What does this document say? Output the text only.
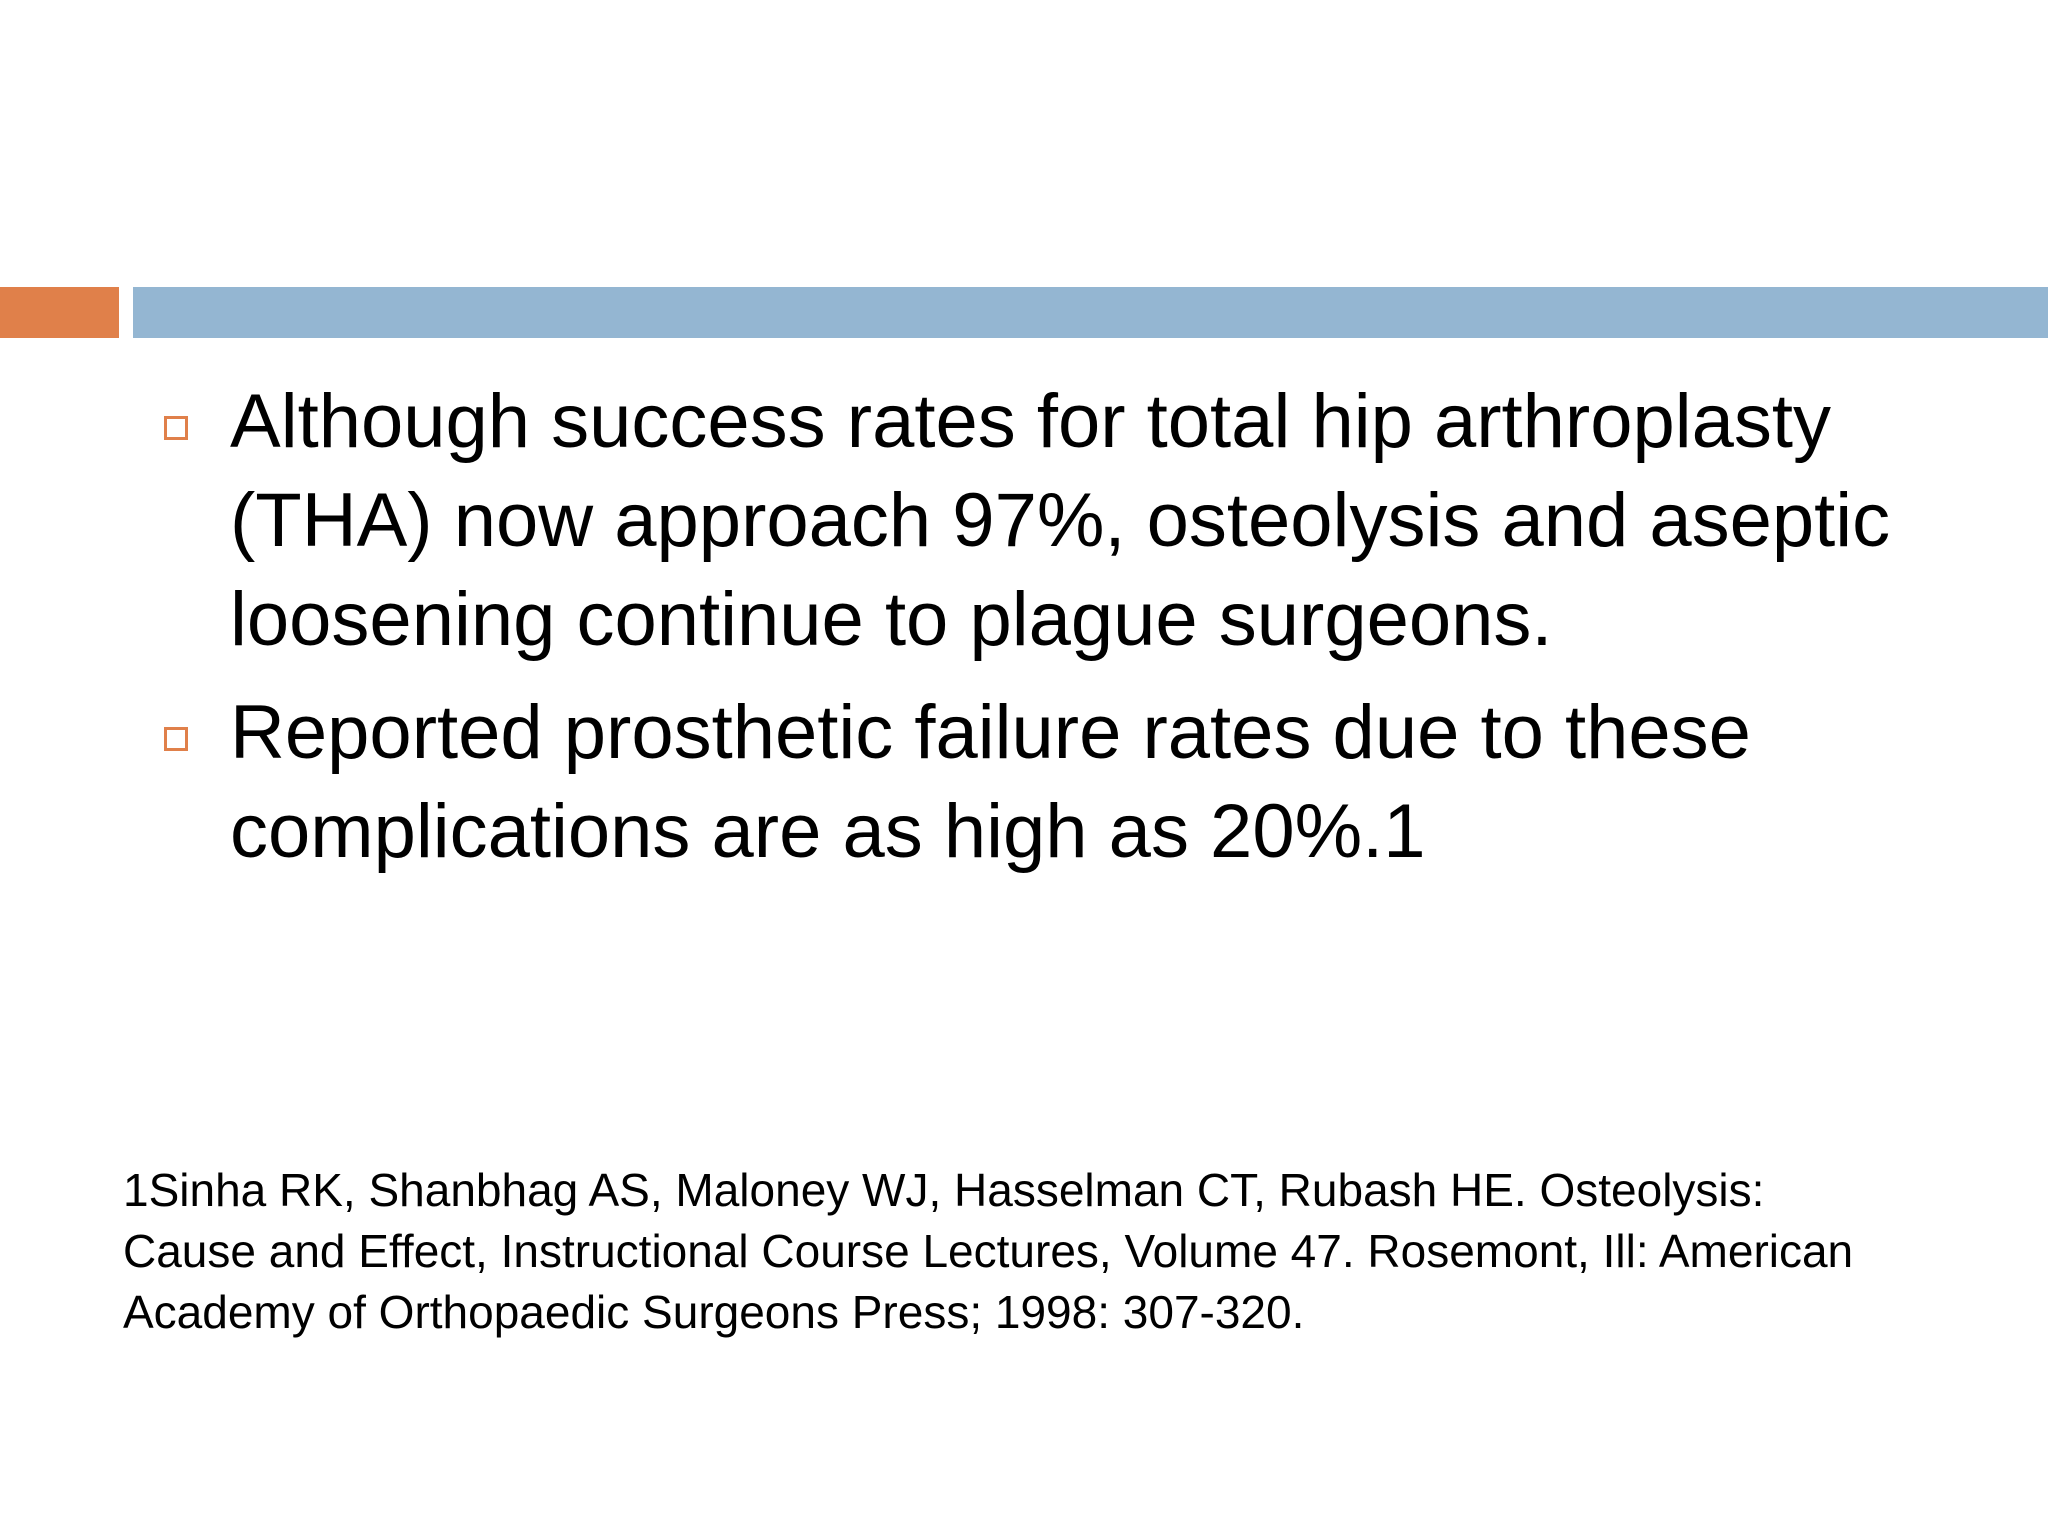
Although success rates for total hip arthroplasty (THA) now approach 97%, osteolysis and aseptic loosening continue to plague surgeons.
Reported prosthetic failure rates due to these complications are as high as 20%.1
1Sinha RK, Shanbhag AS, Maloney WJ, Hasselman CT, Rubash HE. Osteolysis: Cause and Effect, Instructional Course Lectures, Volume 47. Rosemont, Ill: American Academy of Orthopaedic Surgeons Press; 1998: 307-320.
